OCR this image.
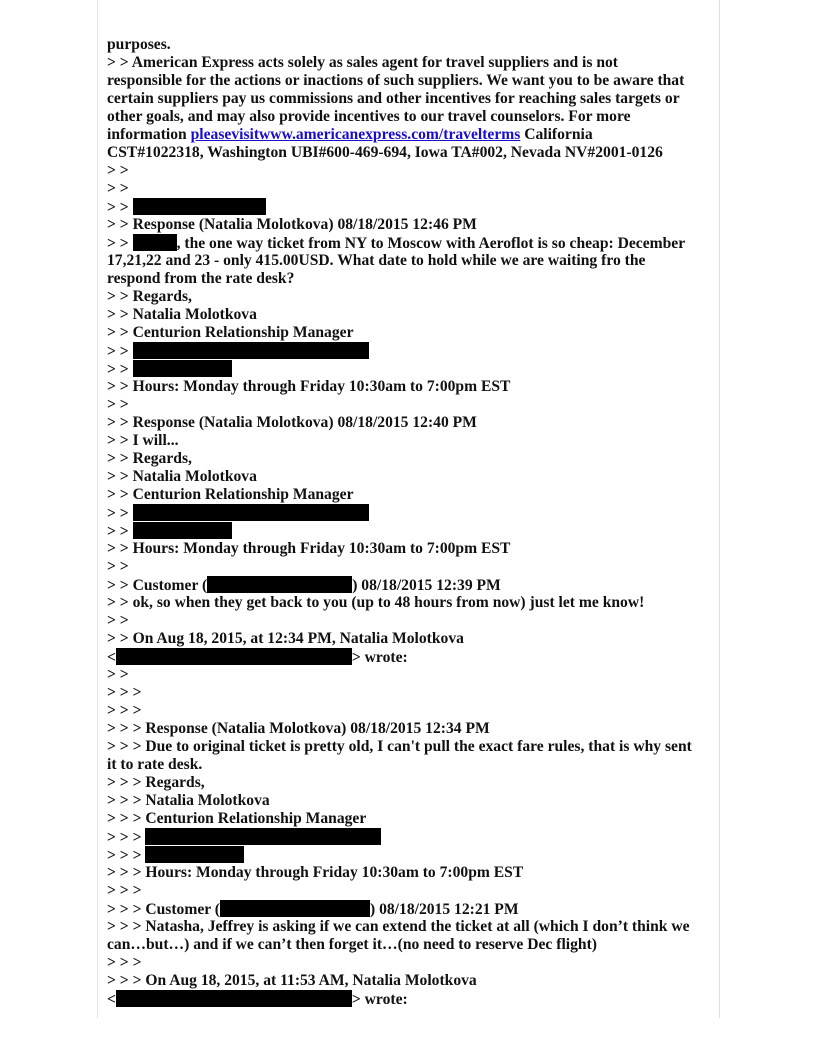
purposes.
> > American Express acts solely as sales agent for travel suppliers and is not
responsible for the actions or inactions of such suppliers. We want you to be aware that
certain suppliers pay us commissions and other incentives for reaching sales targets or
other goals, and may also provide incentives to our travel counselors. For more
information pleasevisitwww.americanexpress.com/travelterms California
CST#1022318, Washington UBI#600-469-694, Iowa TA#002, Nevada NV#2001-0126
> >
> >
> >
> > Response (Natalia Molotkova) 08/18/2015 12:46 PM
> >	, the one way ticket from NY to Moscow with Aeroflot is so cheap: December
17,21,22 and 23 - only 415.00USD. What date to hold while we are waiting fro the
respond from the rate desk?
> > Regards,
> > Natalia Molotkova
> > Centurion Relationship Manager
> >
> >
> > Hours: Monday through Friday 10:30am to 7:00pm EST
> >
> > Response (Natalia Molotkova) 08/18/2015 12:40 PM
> > I will...
> > Regards,
> > Natalia Molotkova
> > Centurion Relationship Manager
> >
> >
> > Hours: Monday through Friday 10:30am to 7:00pm EST
> >
> > Customer (	) 08/18/2015 12:39 PM
> > ok, so when they get back to you (up to 48 hours from now) just let me know!
> >
> > On Aug 18, 2015, at 12:34 PM, Natalia Molotkova
<	> wrote:
> >
> > >
> > >
> > > Response (Natalia Molotkova) 08/18/2015 12:34 PM
> > > Due to original ticket is pretty old, I can't pull the exact fare rules, that is why sent
it to rate desk.
> > > Regards,
> > > Natalia Molotkova
> > > Centurion Relationship Manager
> > >
> > >
> > > Hours: Monday through Friday 10:30am to 7:00pm EST
> > >
> > > Customer (	) 08/18/2015 12:21 PM
> > > Natasha, Jeffrey is asking if we can extend the ticket at all (which I don’t think we
can…but…) and if we can’t then forget it…(no need to reserve Dec flight)
> > >
> > > On Aug 18, 2015, at 11:53 AM, Natalia Molotkova
<	> wrote:
